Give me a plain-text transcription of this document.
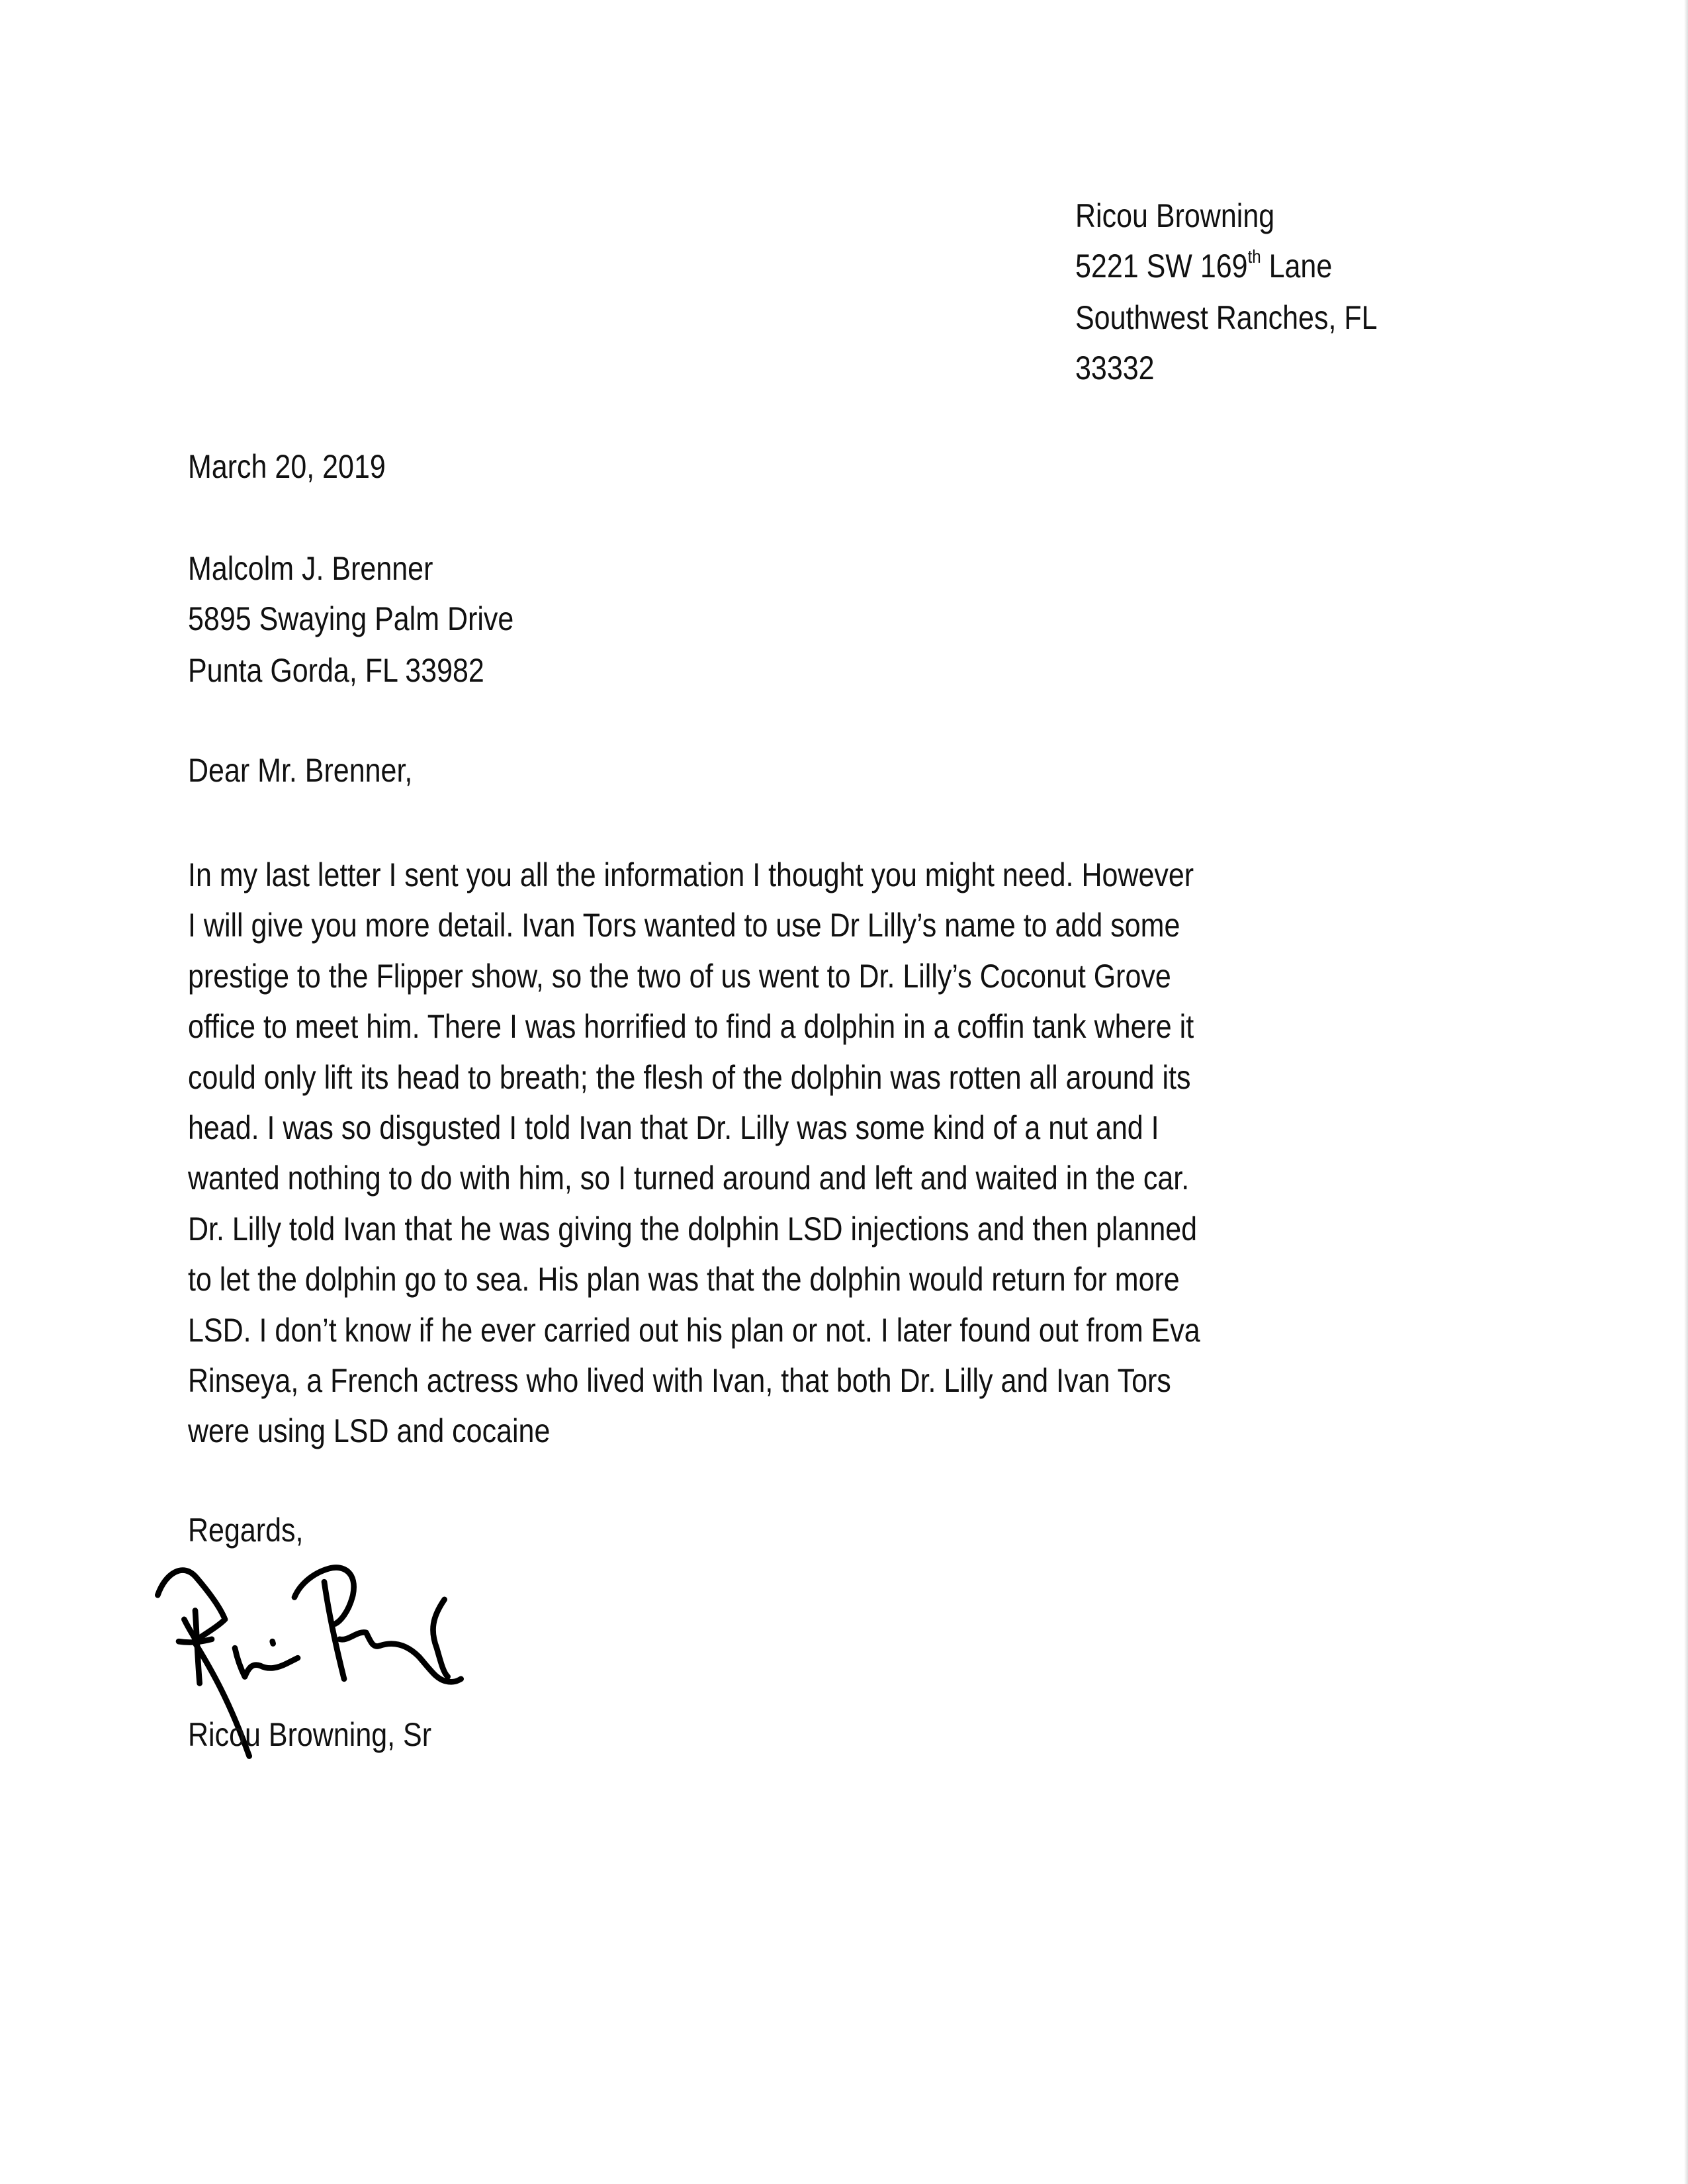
Ricou Browning
5221 SW 169th Lane
Southwest Ranches, FL
33332
March 20, 2019
Malcolm J. Brenner
5895 Swaying Palm Drive
Punta Gorda, FL 33982
Dear Mr. Brenner,
In my last letter I sent you all the information I thought you might need. However
I will give you more detail. Ivan Tors wanted to use Dr Lilly’s name to add some
prestige to the Flipper show, so the two of us went to Dr. Lilly’s Coconut Grove
office to meet him. There I was horrified to find a dolphin in a coffin tank where it
could only lift its head to breath; the flesh of the dolphin was rotten all around its
head. I was so disgusted I told Ivan that Dr. Lilly was some kind of a nut and I
wanted nothing to do with him, so I turned around and left and waited in the car.
Dr. Lilly told Ivan that he was giving the dolphin LSD injections and then planned
to let the dolphin go to sea. His plan was that the dolphin would return for more
LSD. I don’t know if he ever carried out his plan or not. I later found out from Eva
Rinseya, a French actress who lived with Ivan, that both Dr. Lilly and Ivan Tors
were using LSD and cocaine
Regards,
Ricou Browning, Sr
